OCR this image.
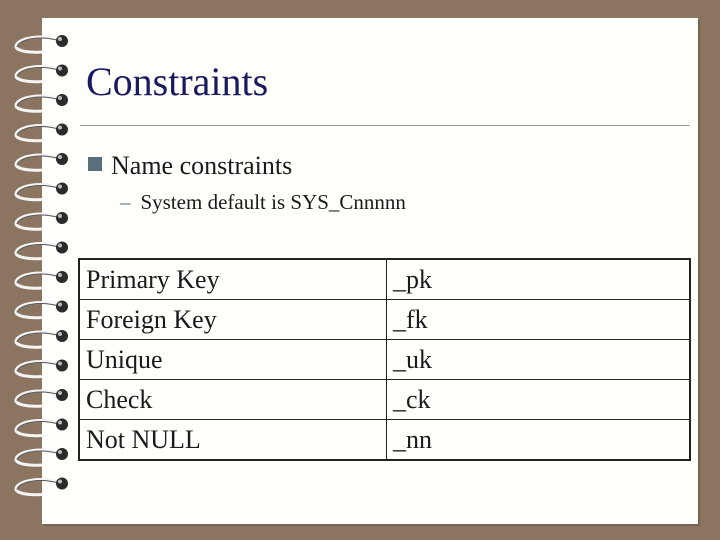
Constraints
Name constraints
– System default is SYS_Cnnnnn
Primary Key	_pk
Foreign Key	_fk
Unique	_uk
Check	_ck
Not NULL	_nn
